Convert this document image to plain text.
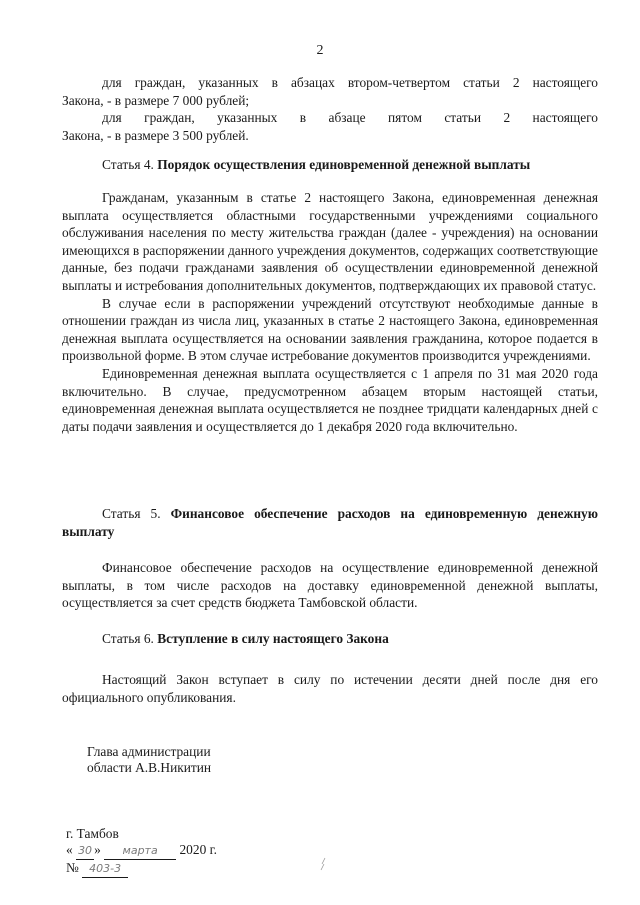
2

для граждан, указанных в абзацах втором-четвертом статьи 2 настоящего

Закона, - в размере 7 000 рублей;

для граждан, указанных в абзаце пятом статьи 2 настоящего

Закона, - в размере 3 500 рублей.

Статья 4. Порядок осуществления единовременной денежной выплаты

Гражданам, указанным в статье 2 настоящего Закона, единовременная денежная выплата осуществляется областными государственными учреждениями социального обслуживания населения по месту жительства граждан (далее - учреждения) на основании имеющихся в распоряжении данного учреждения документов, содержащих соответствующие данные, без подачи гражданами заявления об осуществлении единовременной денежной выплаты и истребования дополнительных документов, подтверждающих их правовой статус.

В случае если в распоряжении учреждений отсутствуют необходимые данные в отношении граждан из числа лиц, указанных в статье 2 настоящего Закона, единовременная денежная выплата осуществляется на основании заявления гражданина, которое подается в произвольной форме. В этом случае истребование документов производится учреждениями.

Единовременная денежная выплата осуществляется с 1 апреля по 31 мая 2020 года включительно. В случае, предусмотренном абзацем вторым настоящей статьи, единовременная денежная выплата осуществляется не позднее тридцати календарных дней с даты подачи заявления и осуществляется до 1 декабря 2020 года включительно.

Статья 5. Финансовое обеспечение расходов на единовременную денежную выплату

Финансовое обеспечение расходов на осуществление единовременной денежной выплаты, в том числе расходов на доставку единовременной денежной выплаты, осуществляется за счет средств бюджета Тамбовской области.

Статья 6. Вступление в силу настоящего Закона

Настоящий Закон вступает в силу по истечении десяти дней после дня его официального опубликования.

Глава администрации
области А.В.Никитин
г. Тамбов
« 30 » марта 2020 г.
№ 403-3
